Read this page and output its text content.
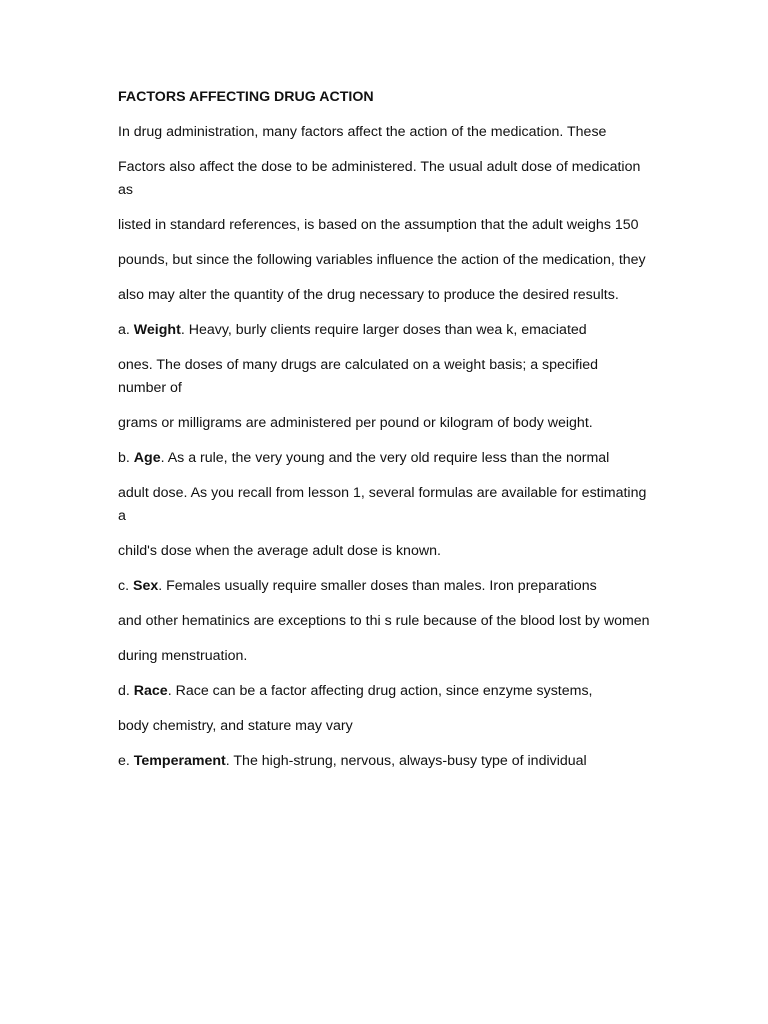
FACTORS AFFECTING DRUG ACTION

In drug administration, many factors affect the action of the medication. These

Factors also affect the dose to be administered. The usual adult dose of medication as

listed in standard references, is based on the assumption that the adult weighs 150

pounds, but since the following variables influence the action of the medication, they

also may alter the quantity of the drug necessary to produce the desired results.

a. Weight. Heavy, burly clients require larger doses than wea k, emaciated

ones. The doses of many drugs are calculated on a weight basis; a specified number of

grams or milligrams are administered per pound or kilogram of body weight.

b. Age. As a rule, the very young and the very old require less than the normal

adult dose. As you recall from lesson 1, several formulas are available for estimating a

child's dose when the average adult dose is known.

c. Sex. Females usually require smaller doses than males. Iron preparations

and other hematinics are exceptions to thi s rule because of the blood lost by women

during menstruation.

d. Race. Race can be a factor affecting drug action, since enzyme systems,

body chemistry, and stature may vary

e. Temperament. The high-strung, nervous, always-busy type of individual
